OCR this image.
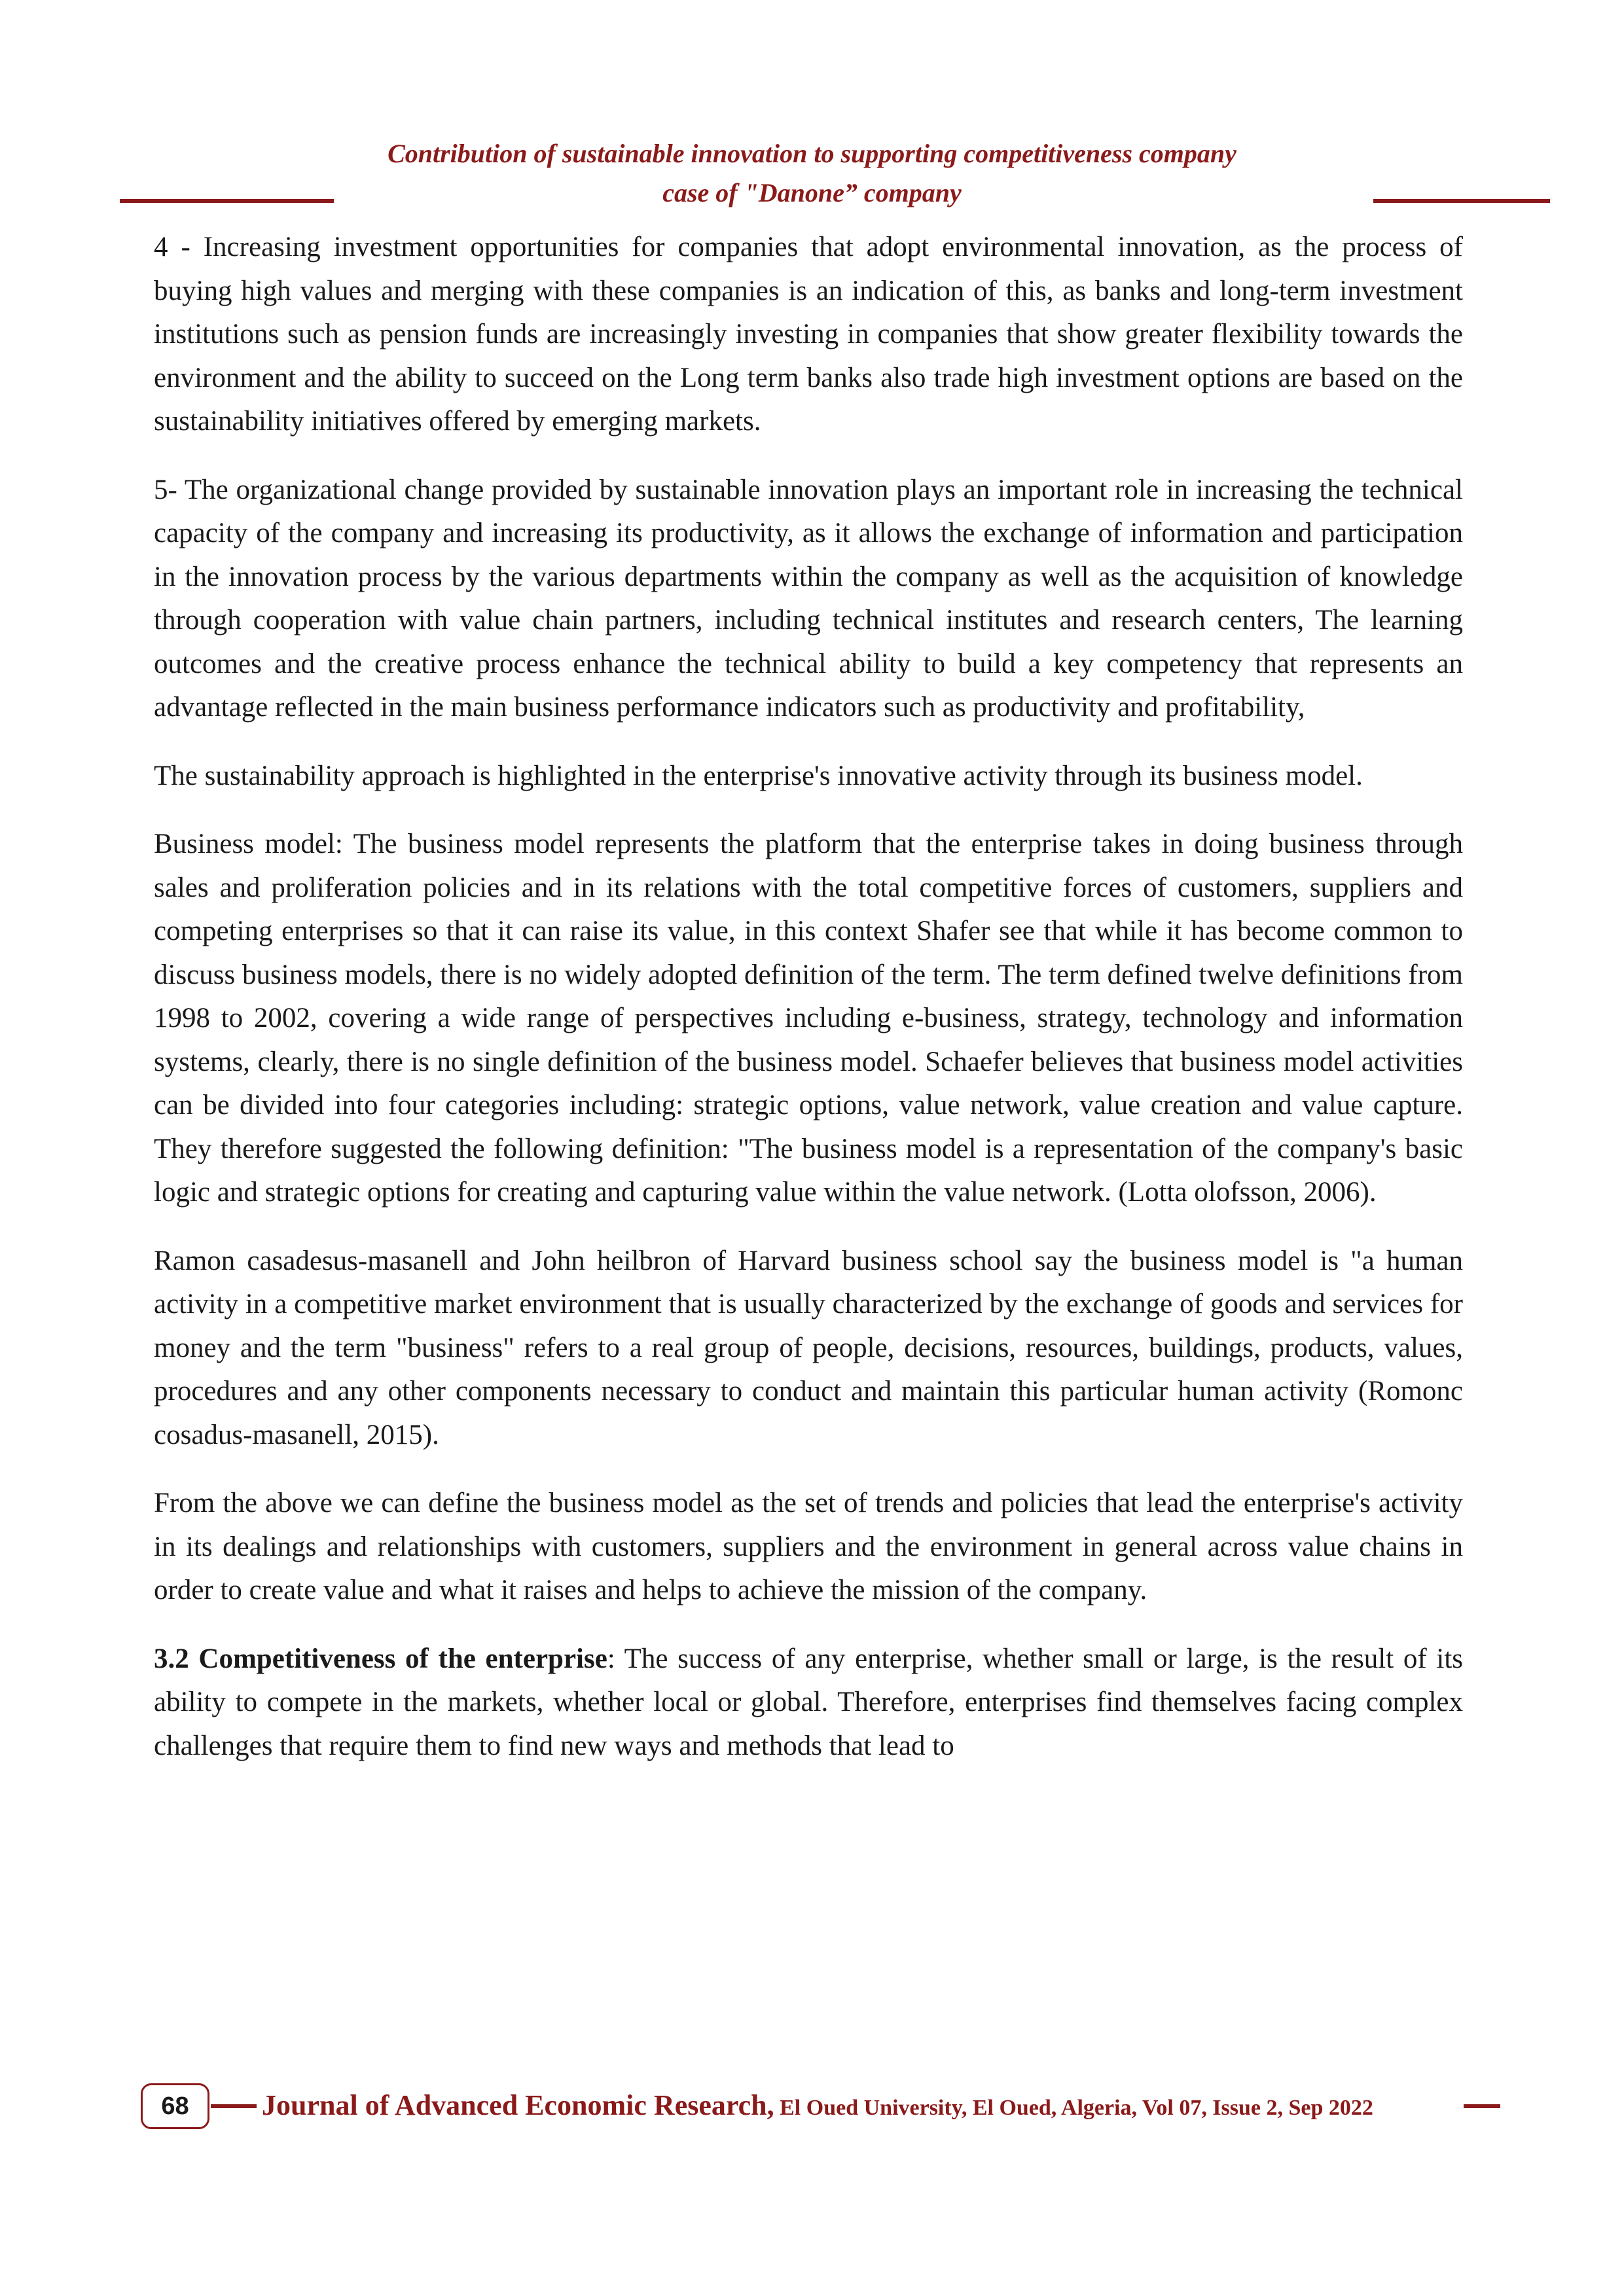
Contribution of sustainable innovation to supporting competitiveness company
case of "Danone” company

4 - Increasing investment opportunities for companies that adopt environmental innovation, as the process of buying high values and merging with these companies is an indication of this, as banks and long-term investment institutions such as pension funds are increasingly investing in companies that show greater flexibility towards the environment and the ability to succeed on the Long term banks also trade high investment options are based on the sustainability initiatives offered by emerging markets.

5- The organizational change provided by sustainable innovation plays an important role in increasing the technical capacity of the company and increasing its productivity, as it allows the exchange of information and participation in the innovation process by the various departments within the company as well as the acquisition of knowledge through cooperation with value chain partners, including technical institutes and research centers, The learning outcomes and the creative process enhance the technical ability to build a key competency that represents an advantage reflected in the main business performance indicators such as productivity and profitability,

The sustainability approach is highlighted in the enterprise's innovative activity through its business model.

Business model: The business model represents the platform that the enterprise takes in doing business through sales and proliferation policies and in its relations with the total competitive forces of customers, suppliers and competing enterprises so that it can raise its value, in this context Shafer see that while it has become common to discuss business models, there is no widely adopted definition of the term. The term defined twelve definitions from 1998 to 2002, covering a wide range of perspectives including e-business, strategy, technology and information systems, clearly, there is no single definition of the business model. Schaefer believes that business model activities can be divided into four categories including: strategic options, value network, value creation and value capture. They therefore suggested the following definition: "The business model is a representation of the company's basic logic and strategic options for creating and capturing value within the value network. (Lotta olofsson, 2006).

Ramon casadesus-masanell and John heilbron of Harvard business school say the business model is "a human activity in a competitive market environment that is usually characterized by the exchange of goods and services for money and the term "business" refers to a real group of people, decisions, resources, buildings, products, values, procedures and any other components necessary to conduct and maintain this particular human activity (Romonc cosadus-masanell, 2015).

From the above we can define the business model as the set of trends and policies that lead the enterprise's activity in its dealings and relationships with customers, suppliers and the environment in general across value chains in order to create value and what it raises and helps to achieve the mission of the company.

3.2 Competitiveness of the enterprise: The success of any enterprise, whether small or large, is the result of its ability to compete in the markets, whether local or global. Therefore, enterprises find themselves facing complex challenges that require them to find new ways and methods that lead to

68	Journal of Advanced Economic Research, El Oued University, El Oued, Algeria, Vol 07, Issue 2, Sep 2022
